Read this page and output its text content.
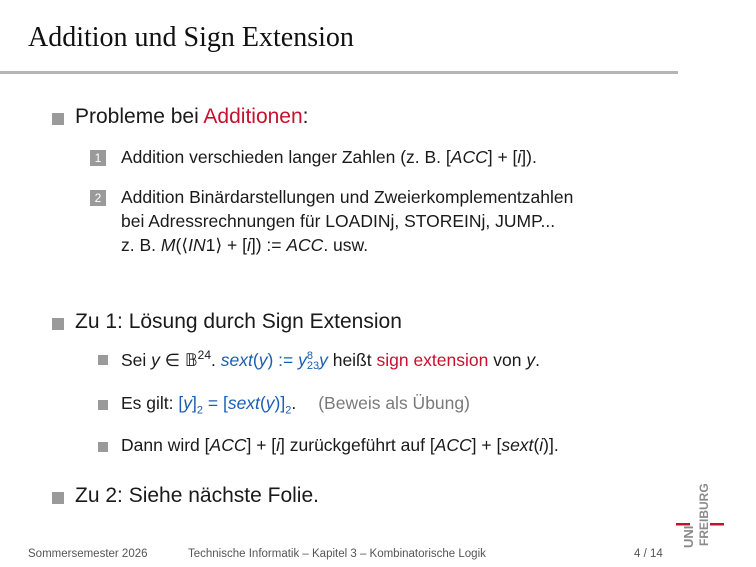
Addition und Sign Extension
Probleme bei Additionen:
1 Addition verschieden langer Zahlen (z. B. [ACC] + [i]).
2 Addition Binärdarstellungen und Zweierkomplementzahlen
bei Adressrechnungen für LOADINj, STOREINj, JUMP...
z. B. M(⟨IN1⟩ + [i]) := ACC. usw.
Zu 1: Lösung durch Sign Extension
Sei y ∈ 𝔹$^{24}$. sext(y) := y 8
23 y heißt sign extension von y.
Es gilt: $[y]_2$ = $[sext(y)]_2$. (Beweis als Übung)
Dann wird [ACC] + [i] zurückgeführt auf [ACC] + [sext(i)].
Zu 2: Siehe nächste Folie.
Sommersemester 2026	Technische Informatik – Kapitel 3 – Kombinatorische Logik	4 / 14
UNI FREIBURG
